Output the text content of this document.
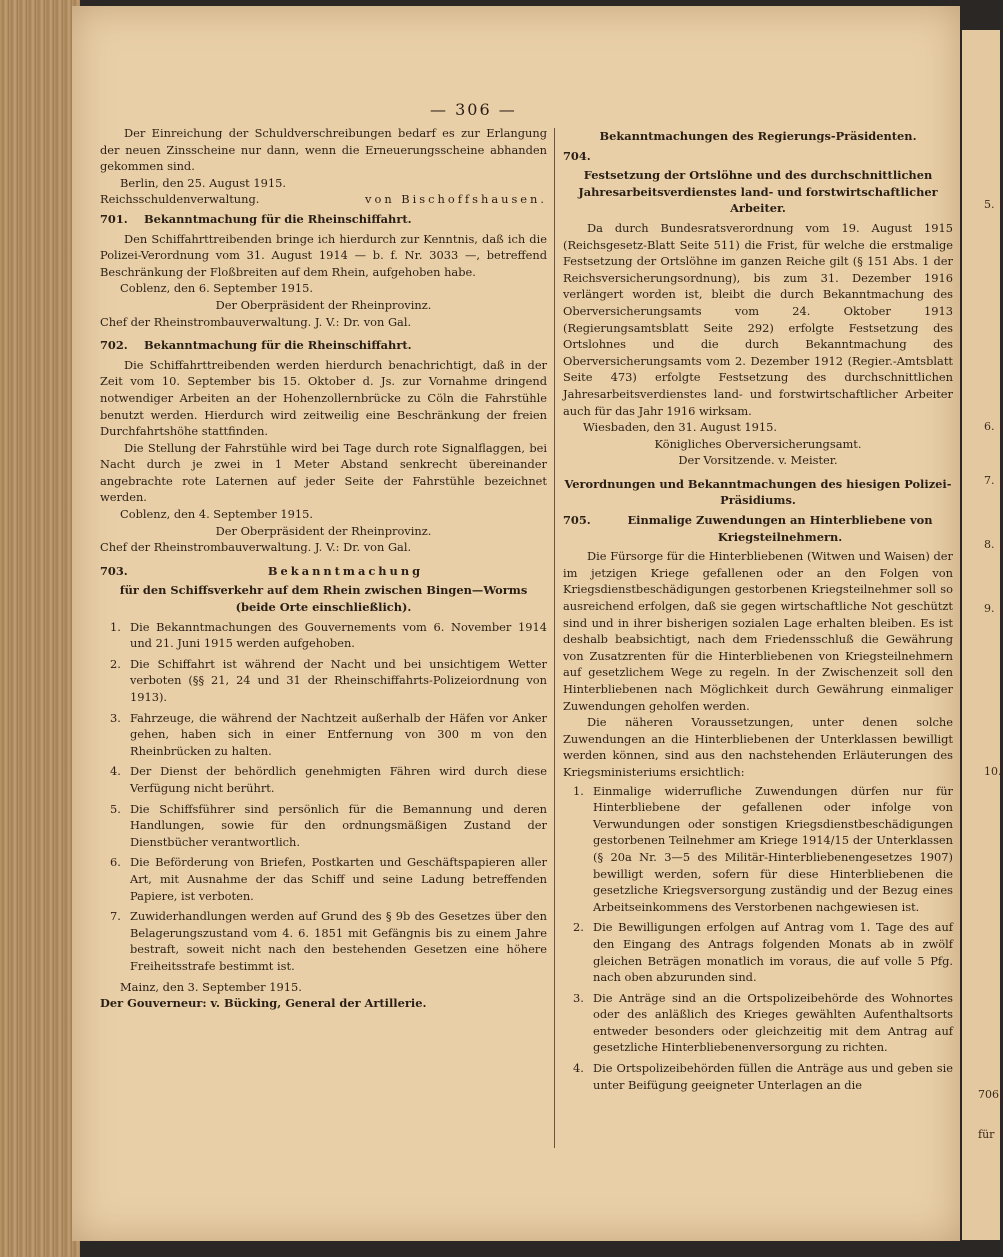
5.
6.
7.
8.
9.
10.
706.
für
— 306 —

Der Einreichung der Schuldverschreibungen bedarf es zur Erlangung der neuen Zinsscheine nur dann, wenn die Erneuerungsscheine abhanden gekommen sind.

Berlin, den 25. August 1915.

Reichsschuldenverwaltung.	von Bischoffshausen.

701. Bekanntmachung für die Rheinschiffahrt.

Den Schiffahrttreibenden bringe ich hierdurch zur Kenntnis, daß ich die Polizei-Verordnung vom 31. August 1914 — b. f. Nr. 3033 —, betreffend Beschränkung der Floßbreiten auf dem Rhein, aufgehoben habe.

Coblenz, den 6. September 1915.

Der Oberpräsident der Rheinprovinz.

Chef der Rheinstrombauverwaltung. J. V.: Dr. von Gal.

702. Bekanntmachung für die Rheinschiffahrt.

Die Schiffahrttreibenden werden hierdurch benachrichtigt, daß in der Zeit vom 10. September bis 15. Oktober d. Js. zur Vornahme dringend notwendiger Arbeiten an der Hohenzollernbrücke zu Cöln die Fahrstühle benutzt werden. Hierdurch wird zeitweilig eine Beschränkung der freien Durchfahrtshöhe stattfinden.

Die Stellung der Fahrstühle wird bei Tage durch rote Signalflaggen, bei Nacht durch je zwei in 1 Meter Abstand senkrecht übereinander angebrachte rote Laternen auf jeder Seite der Fahrstühle bezeichnet werden.

Coblenz, den 4. September 1915.

Der Oberpräsident der Rheinprovinz.

Chef der Rheinstrombauverwaltung. J. V.: Dr. von Gal.

703.	Bekanntmachung

für den Schiffsverkehr auf dem Rhein zwischen Bingen—Worms (beide Orte einschließlich).

1. Die Bekanntmachungen des Gouvernements vom 6. November 1914 und 21. Juni 1915 werden aufgehoben.
2. Die Schiffahrt ist während der Nacht und bei unsichtigem Wetter verboten (§§ 21, 24 und 31 der Rheinschiffahrts-Polizeiordnung von 1913).
3. Fahrzeuge, die während der Nachtzeit außerhalb der Häfen vor Anker gehen, haben sich in einer Entfernung von 300 m von den Rheinbrücken zu halten.
4. Der Dienst der behördlich genehmigten Fähren wird durch diese Verfügung nicht berührt.
5. Die Schiffsführer sind persönlich für die Bemannung und deren Handlungen, sowie für den ordnungsmäßigen Zustand der Dienstbücher verantwortlich.
6. Die Beförderung von Briefen, Postkarten und Geschäftspapieren aller Art, mit Ausnahme der das Schiff und seine Ladung betreffenden Papiere, ist verboten.
7. Zuwiderhandlungen werden auf Grund des § 9b des Gesetzes über den Belagerungszustand vom 4. 6. 1851 mit Gefängnis bis zu einem Jahre bestraft, soweit nicht nach den bestehenden Gesetzen eine höhere Freiheitsstrafe bestimmt ist.

Mainz, den 3. September 1915.

Der Gouverneur: v. Bücking, General der Artillerie.

Bekanntmachungen des Regierungs-Präsidenten.

704.

Festsetzung der Ortslöhne und des durchschnittlichen Jahresarbeitsverdienstes land- und forstwirtschaftlicher Arbeiter.

Da durch Bundesratsverordnung vom 19. August 1915 (Reichsgesetz-Blatt Seite 511) die Frist, für welche die erstmalige Festsetzung der Ortslöhne im ganzen Reiche gilt (§ 151 Abs. 1 der Reichsversicherungsordnung), bis zum 31. Dezember 1916 verlängert worden ist, bleibt die durch Bekanntmachung des Oberversicherungsamts vom 24. Oktober 1913 (Regierungsamtsblatt Seite 292) erfolgte Festsetzung des Ortslohnes und die durch Bekanntmachung des Oberversicherungsamts vom 2. Dezember 1912 (Regier.-Amtsblatt Seite 473) erfolgte Festsetzung des durchschnittlichen Jahresarbeitsverdienstes land- und forstwirtschaftlicher Arbeiter auch für das Jahr 1916 wirksam.

Wiesbaden, den 31. August 1915.

Königliches Oberversicherungsamt.

Der Vorsitzende. v. Meister.

Verordnungen und Bekanntmachungen des hiesigen Polizei-Präsidiums.

705.	Einmalige Zuwendungen an Hinterbliebene von Kriegsteilnehmern.

Die Fürsorge für die Hinterbliebenen (Witwen und Waisen) der im jetzigen Kriege gefallenen oder an den Folgen von Kriegsdienstbeschädigungen gestorbenen Kriegsteilnehmer soll so ausreichend erfolgen, daß sie gegen wirtschaftliche Not geschützt sind und in ihrer bisherigen sozialen Lage erhalten bleiben. Es ist deshalb beabsichtigt, nach dem Friedensschluß die Gewährung von Zusatzrenten für die Hinterbliebenen von Kriegsteilnehmern auf gesetzlichem Wege zu regeln. In der Zwischenzeit soll den Hinterbliebenen nach Möglichkeit durch Gewährung einmaliger Zuwendungen geholfen werden.

Die näheren Voraussetzungen, unter denen solche Zuwendungen an die Hinterbliebenen der Unterklassen bewilligt werden können, sind aus den nachstehenden Erläuterungen des Kriegsministeriums ersichtlich:

1. Einmalige widerrufliche Zuwendungen dürfen nur für Hinterbliebene der gefallenen oder infolge von Verwundungen oder sonstigen Kriegsdienstbeschädigungen gestorbenen Teilnehmer am Kriege 1914/15 der Unterklassen (§ 20a Nr. 3—5 des Militär-Hinterbliebenengesetzes 1907) bewilligt werden, sofern für diese Hinterbliebenen die gesetzliche Kriegsversorgung zuständig und der Bezug eines Arbeitseinkommens des Verstorbenen nachgewiesen ist.
2. Die Bewilligungen erfolgen auf Antrag vom 1. Tage des auf den Eingang des Antrags folgenden Monats ab in zwölf gleichen Beträgen monatlich im voraus, die auf volle 5 Pfg. nach oben abzurunden sind.
3. Die Anträge sind an die Ortspolizeibehörde des Wohnortes oder des anläßlich des Krieges gewählten Aufenthaltsorts entweder besonders oder gleichzeitig mit dem Antrag auf gesetzliche Hinterbliebenenversorgung zu richten.
4. Die Ortspolizeibehörden füllen die Anträge aus und geben sie unter Beifügung geeigneter Unterlagen an die
